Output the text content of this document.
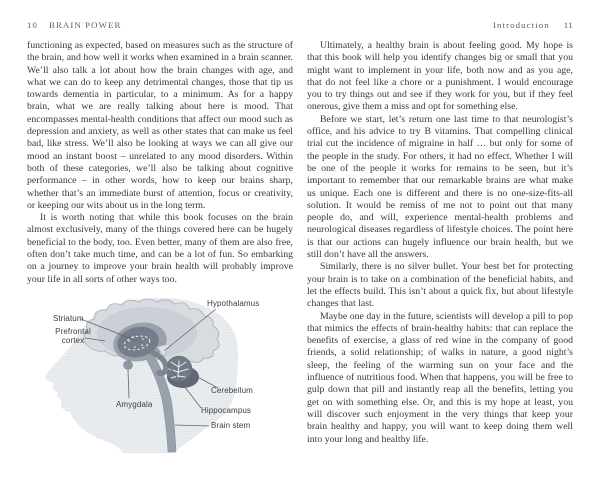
10 BRAIN POWER

functioning as expected, based on measures such as the structure of the brain, and how well it works when examined in a brain scanner. We’ll also talk a lot about how the brain changes with age, and what we can do to keep any detrimental changes, those that tip us towards dementia in particular, to a minimum. As for a happy brain, what we are really talking about here is mood. That encompasses mental-health conditions that affect our mood such as depression and anxiety, as well as other states that can make us feel bad, like stress. We’ll also be looking at ways we can all give our mood an instant boost – unrelated to any mood disorders. Within both of these categories, we’ll also be talking about cognitive performance – in other words, how to keep our brains sharp, whether that’s an immediate burst of attention, focus or creativity, or keeping our wits about us in the long term.

It is worth noting that while this book focuses on the brain almost exclusively, many of the things covered here can be hugely beneficial to the body, too. Even better, many of them are also free, often don’t take much time, and can be a lot of fun. So embarking on a journey to improve your brain health will probably improve your life in all sorts of other ways too.

Striatum
Prefrontal cortex
Hypothalamus
Amygdala
Cerebellum
Hippocampus
Brain stem
Introduction 11

Ultimately, a healthy brain is about feeling good. My hope is that this book will help you identify changes big or small that you might want to implement in your life, both now and as you age, that do not feel like a chore or a punishment. I would encourage you to try things out and see if they work for you, but if they feel onerous, give them a miss and opt for something else.

Before we start, let’s return one last time to that neurologist’s office, and his advice to try B vitamins. That compelling clinical trial cut the incidence of migraine in half … but only for some of the people in the study. For others, it had no effect. Whether I will be one of the people it works for remains to be seen, but it’s important to remember that our remarkable brains are what make us unique. Each one is different and there is no one-size-fits-all solution. It would be remiss of me not to point out that many people do, and will, experience mental-health problems and neurological diseases regardless of lifestyle choices. The point here is that our actions can hugely influence our brain health, but we still don’t have all the answers.

Similarly, there is no silver bullet. Your best bet for protecting your brain is to take on a combination of the beneficial habits, and let the effects build. This isn’t about a quick fix, but about lifestyle changes that last.

Maybe one day in the future, scientists will develop a pill to pop that mimics the effects of brain-healthy habits: that can replace the benefits of exercise, a glass of red wine in the company of good friends, a solid relationship; of walks in nature, a good night’s sleep, the feeling of the warming sun on your face and the influence of nutritious food. When that happens, you will be free to gulp down that pill and instantly reap all the benefits, letting you get on with something else. Or, and this is my hope at least, you will discover such enjoyment in the very things that keep your brain healthy and happy, you will want to keep doing them well into your long and healthy life.
